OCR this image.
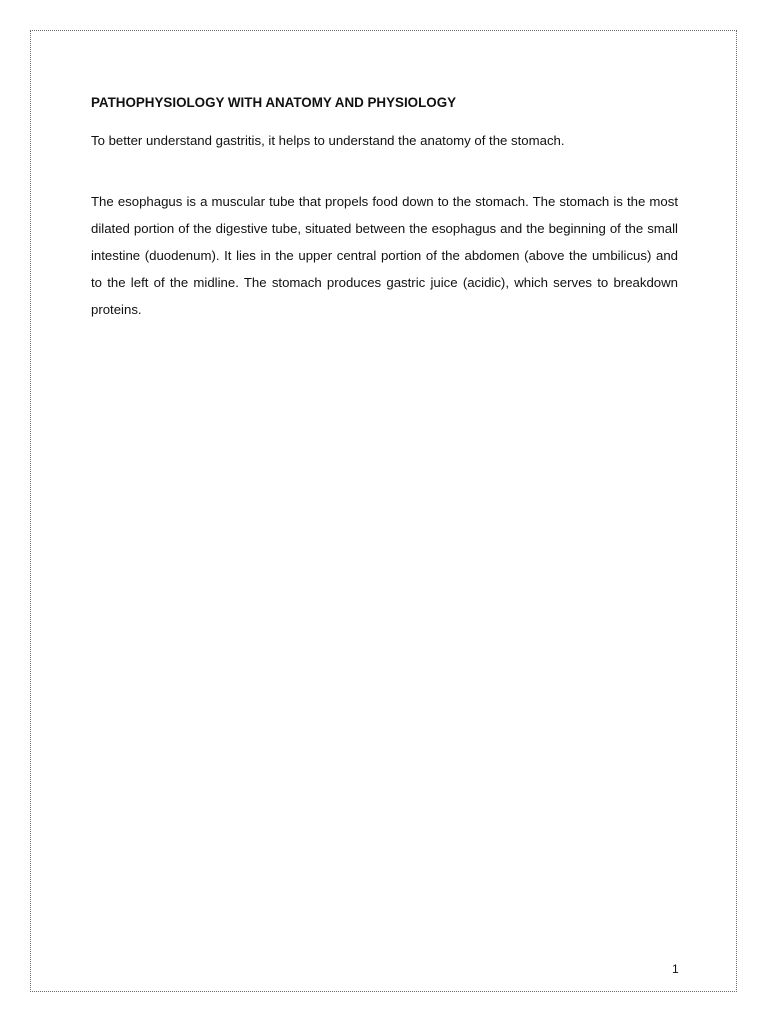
PATHOPHYSIOLOGY WITH ANATOMY AND PHYSIOLOGY

To better understand gastritis, it helps to understand the anatomy of the stomach.

The esophagus is a muscular tube that propels food down to the stomach. The stomach is the most dilated portion of the digestive tube, situated between the esophagus and the beginning of the small intestine (duodenum). It lies in the upper central portion of the abdomen (above the umbilicus) and to the left of the midline. The stomach produces gastric juice (acidic), which serves to breakdown proteins.

1
